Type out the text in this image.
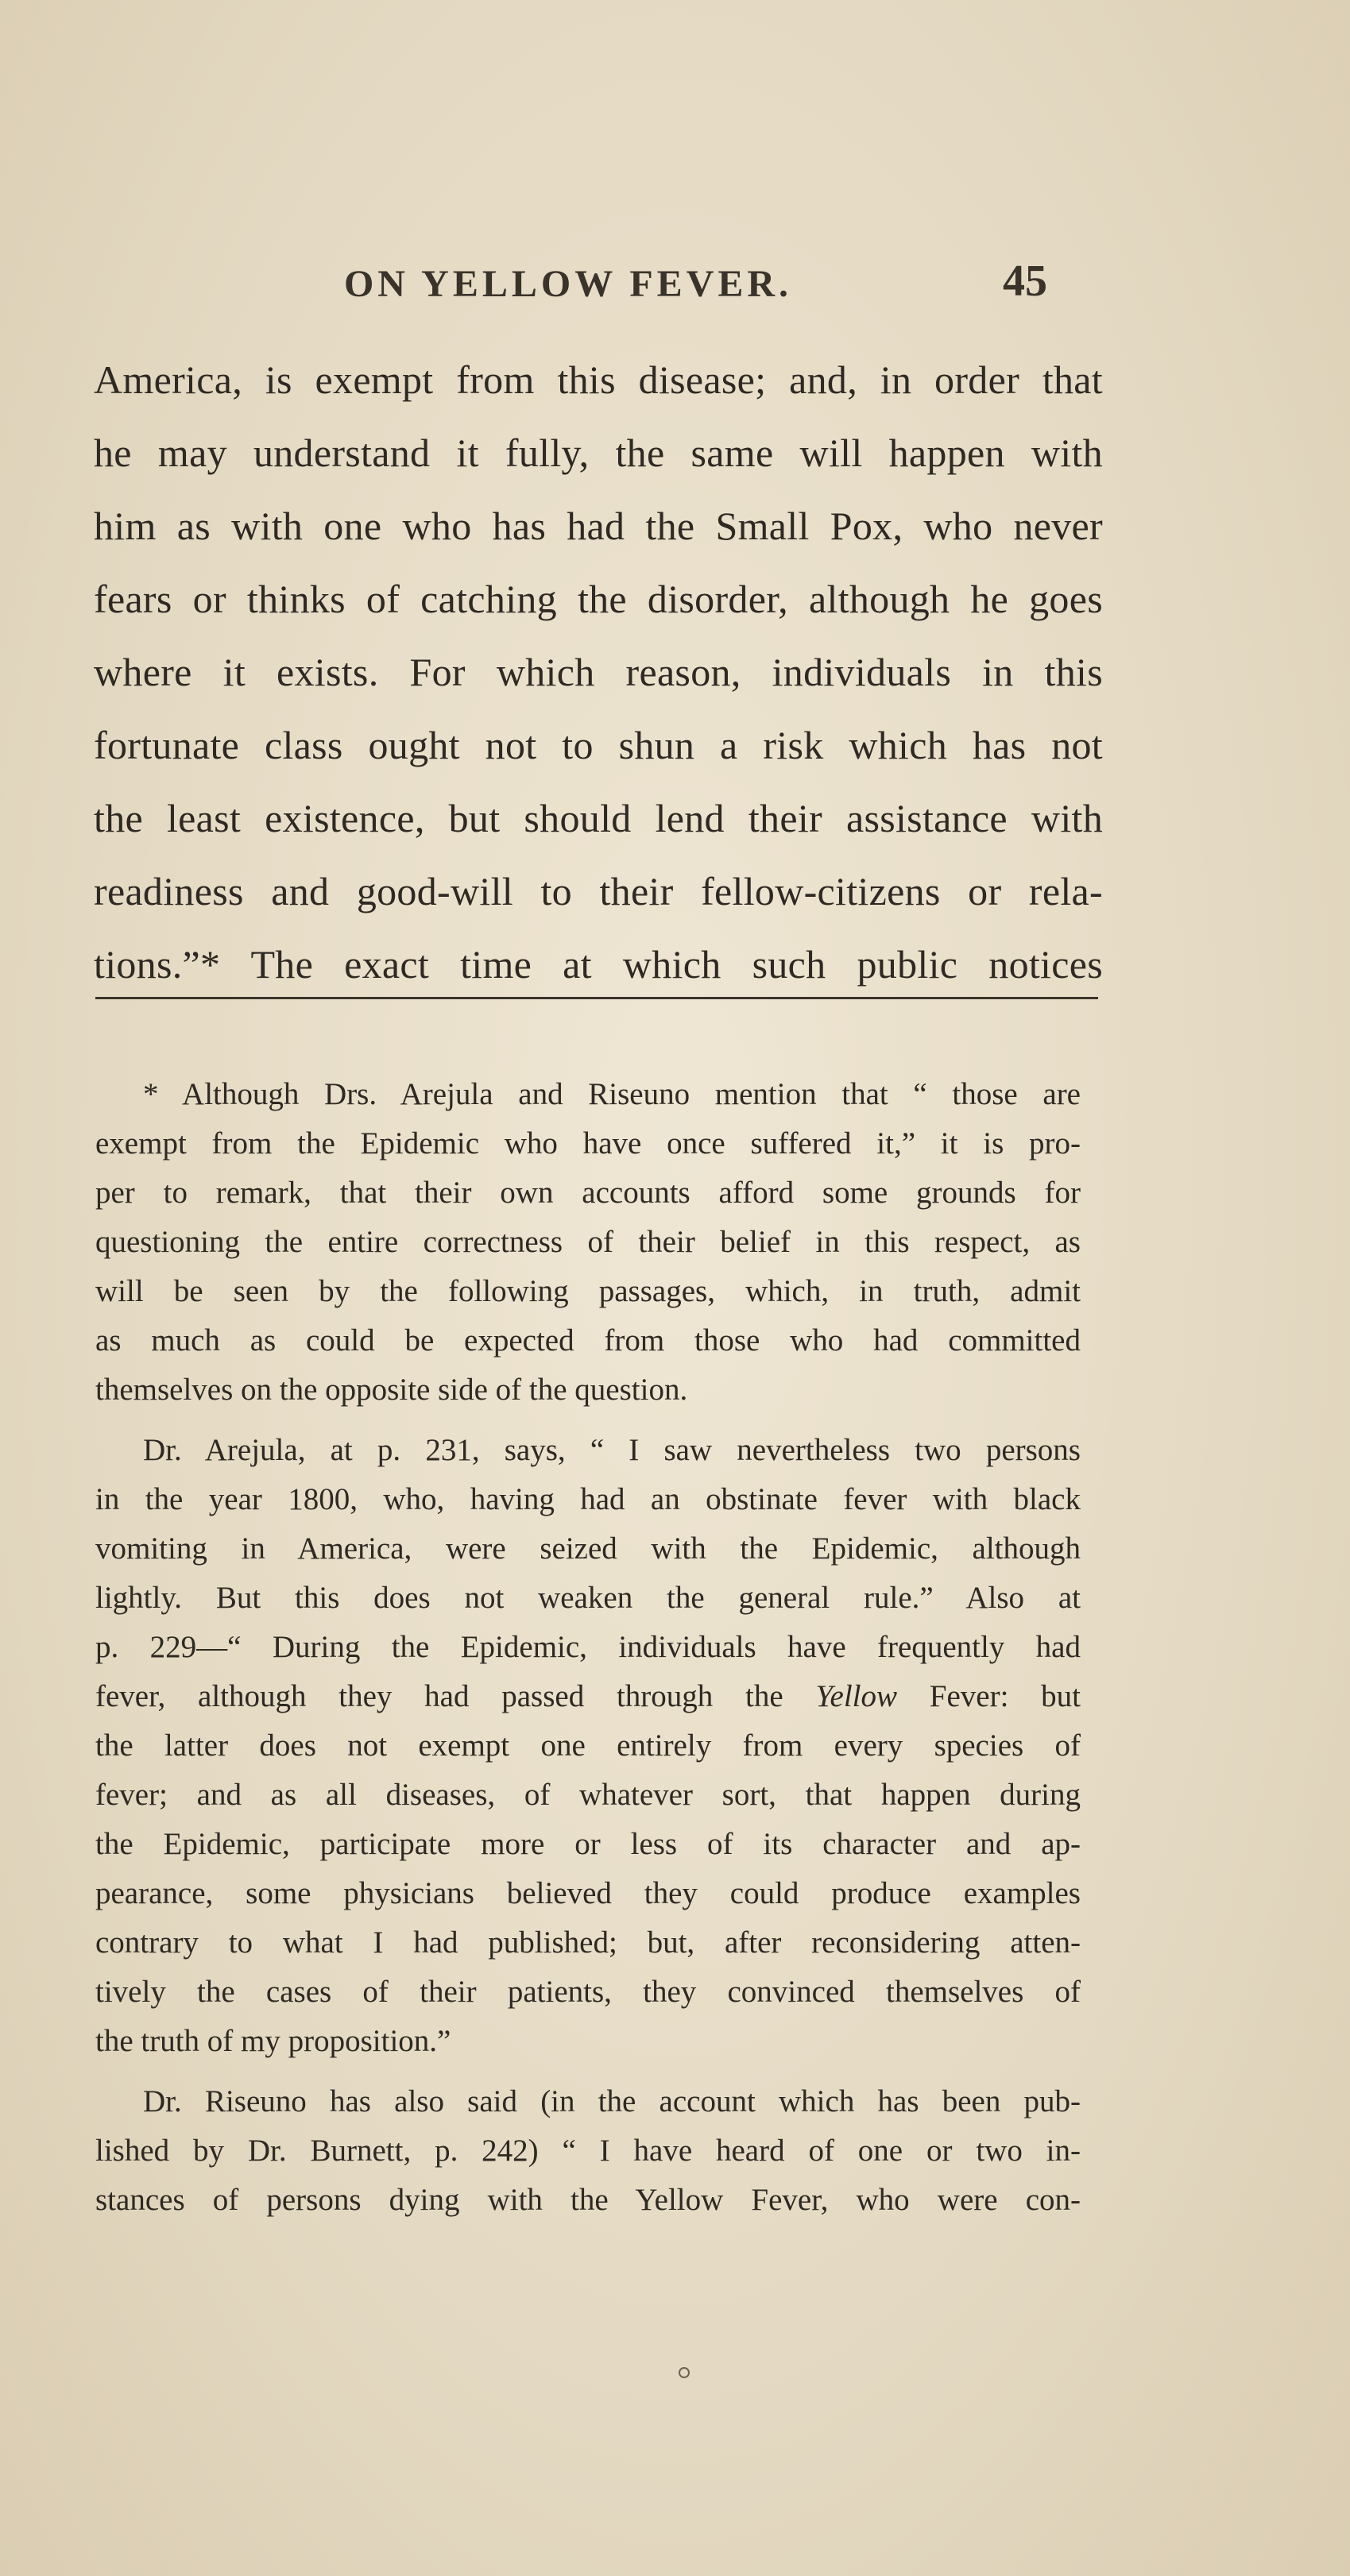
ON YELLOW FEVER.	45
America, is exempt from this disease; and, in order that
he may understand it fully, the same will happen with
him as with one who has had the Small Pox, who never
fears or thinks of catching the disorder, although he goes
where it exists. For which reason, individuals in this
fortunate class ought not to shun a risk which has not
the least existence, but should lend their assistance with
readiness and good-will to their fellow-citizens or rela-
tions.”* The exact time at which such public notices
* Although Drs. Arejula and Riseuno mention that “ those are
exempt from the Epidemic who have once suffered it,” it is pro-
per to remark, that their own accounts afford some grounds for
questioning the entire correctness of their belief in this respect, as
will be seen by the following passages, which, in truth, admit
as much as could be expected from those who had committed
themselves on the opposite side of the question.
Dr. Arejula, at p. 231, says, “ I saw nevertheless two persons
in the year 1800, who, having had an obstinate fever with black
vomiting in America, were seized with the Epidemic, although
lightly. But this does not weaken the general rule.” Also at
p. 229—“ During the Epidemic, individuals have frequently had
fever, although they had passed through the Yellow Fever: but
the latter does not exempt one entirely from every species of
fever; and as all diseases, of whatever sort, that happen during
the Epidemic, participate more or less of its character and ap-
pearance, some physicians believed they could produce examples
contrary to what I had published; but, after reconsidering atten-
tively the cases of their patients, they convinced themselves of
the truth of my proposition.”
Dr. Riseuno has also said (in the account which has been pub-
lished by Dr. Burnett, p. 242) “ I have heard of one or two in-
stances of persons dying with the Yellow Fever, who were con-
